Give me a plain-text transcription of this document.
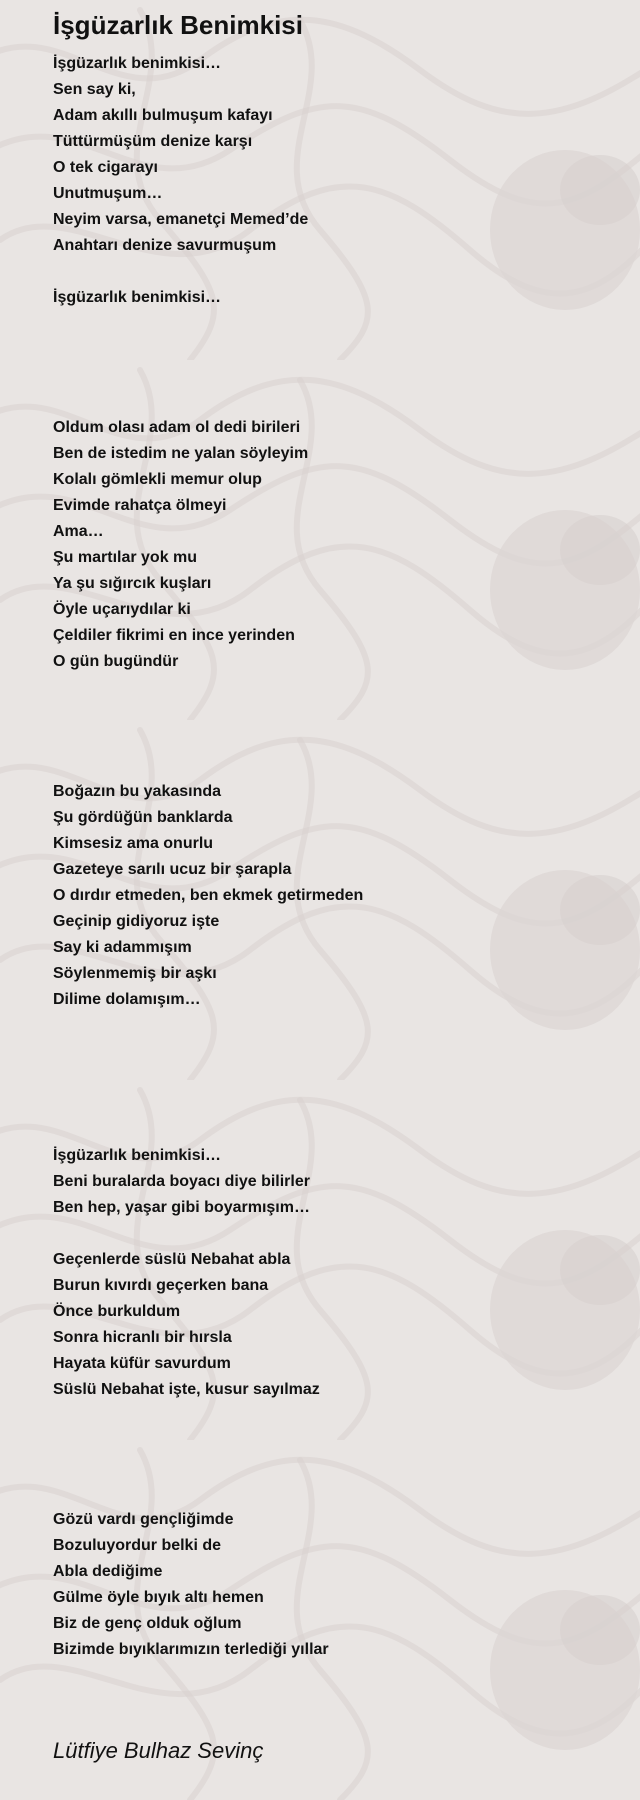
İşgüzarlık Benimkisi
İşgüzarlık benimkisi…
Sen say ki,
Adam akıllı bulmuşum kafayı
Tüttürmüşüm denize karşı
O tek cigarayı
Unutmuşum…
Neyim varsa, emanetçi Memed’de
Anahtarı denize savurmuşum
İşgüzarlık benimkisi…
Oldum olası adam ol dedi birileri
Ben de istedim ne yalan söyleyim
Kolalı gömlekli memur olup
Evimde rahatça ölmeyi
Ama…
Şu martılar yok mu
Ya şu sığırcık kuşları
Öyle uçarıydılar ki
Çeldiler fikrimi en ince yerinden
O gün bugündür
Boğazın bu yakasında
Şu gördüğün banklarda
Kimsesiz ama onurlu
Gazeteye sarılı ucuz bir şarapla
O dırdır etmeden, ben ekmek getirmeden
Geçinip gidiyoruz işte
Say ki adammışım
Söylenmemiş bir aşkı
Dilime dolamışım…
İşgüzarlık benimkisi…
Beni buralarda boyacı diye bilirler
Ben hep, yaşar gibi boyarmışım…
Geçenlerde süslü Nebahat abla
Burun kıvırdı geçerken bana
Önce burkuldum
Sonra hicranlı bir hırsla
Hayata küfür savurdum
Süslü Nebahat işte, kusur sayılmaz
Gözü vardı gençliğimde
Bozuluyordur belki de
Abla dediğime
Gülme öyle bıyık altı hemen
Biz de genç olduk oğlum
Bizimde bıyıklarımızın terlediği yıllar
Lütfiye Bulhaz Sevinç
